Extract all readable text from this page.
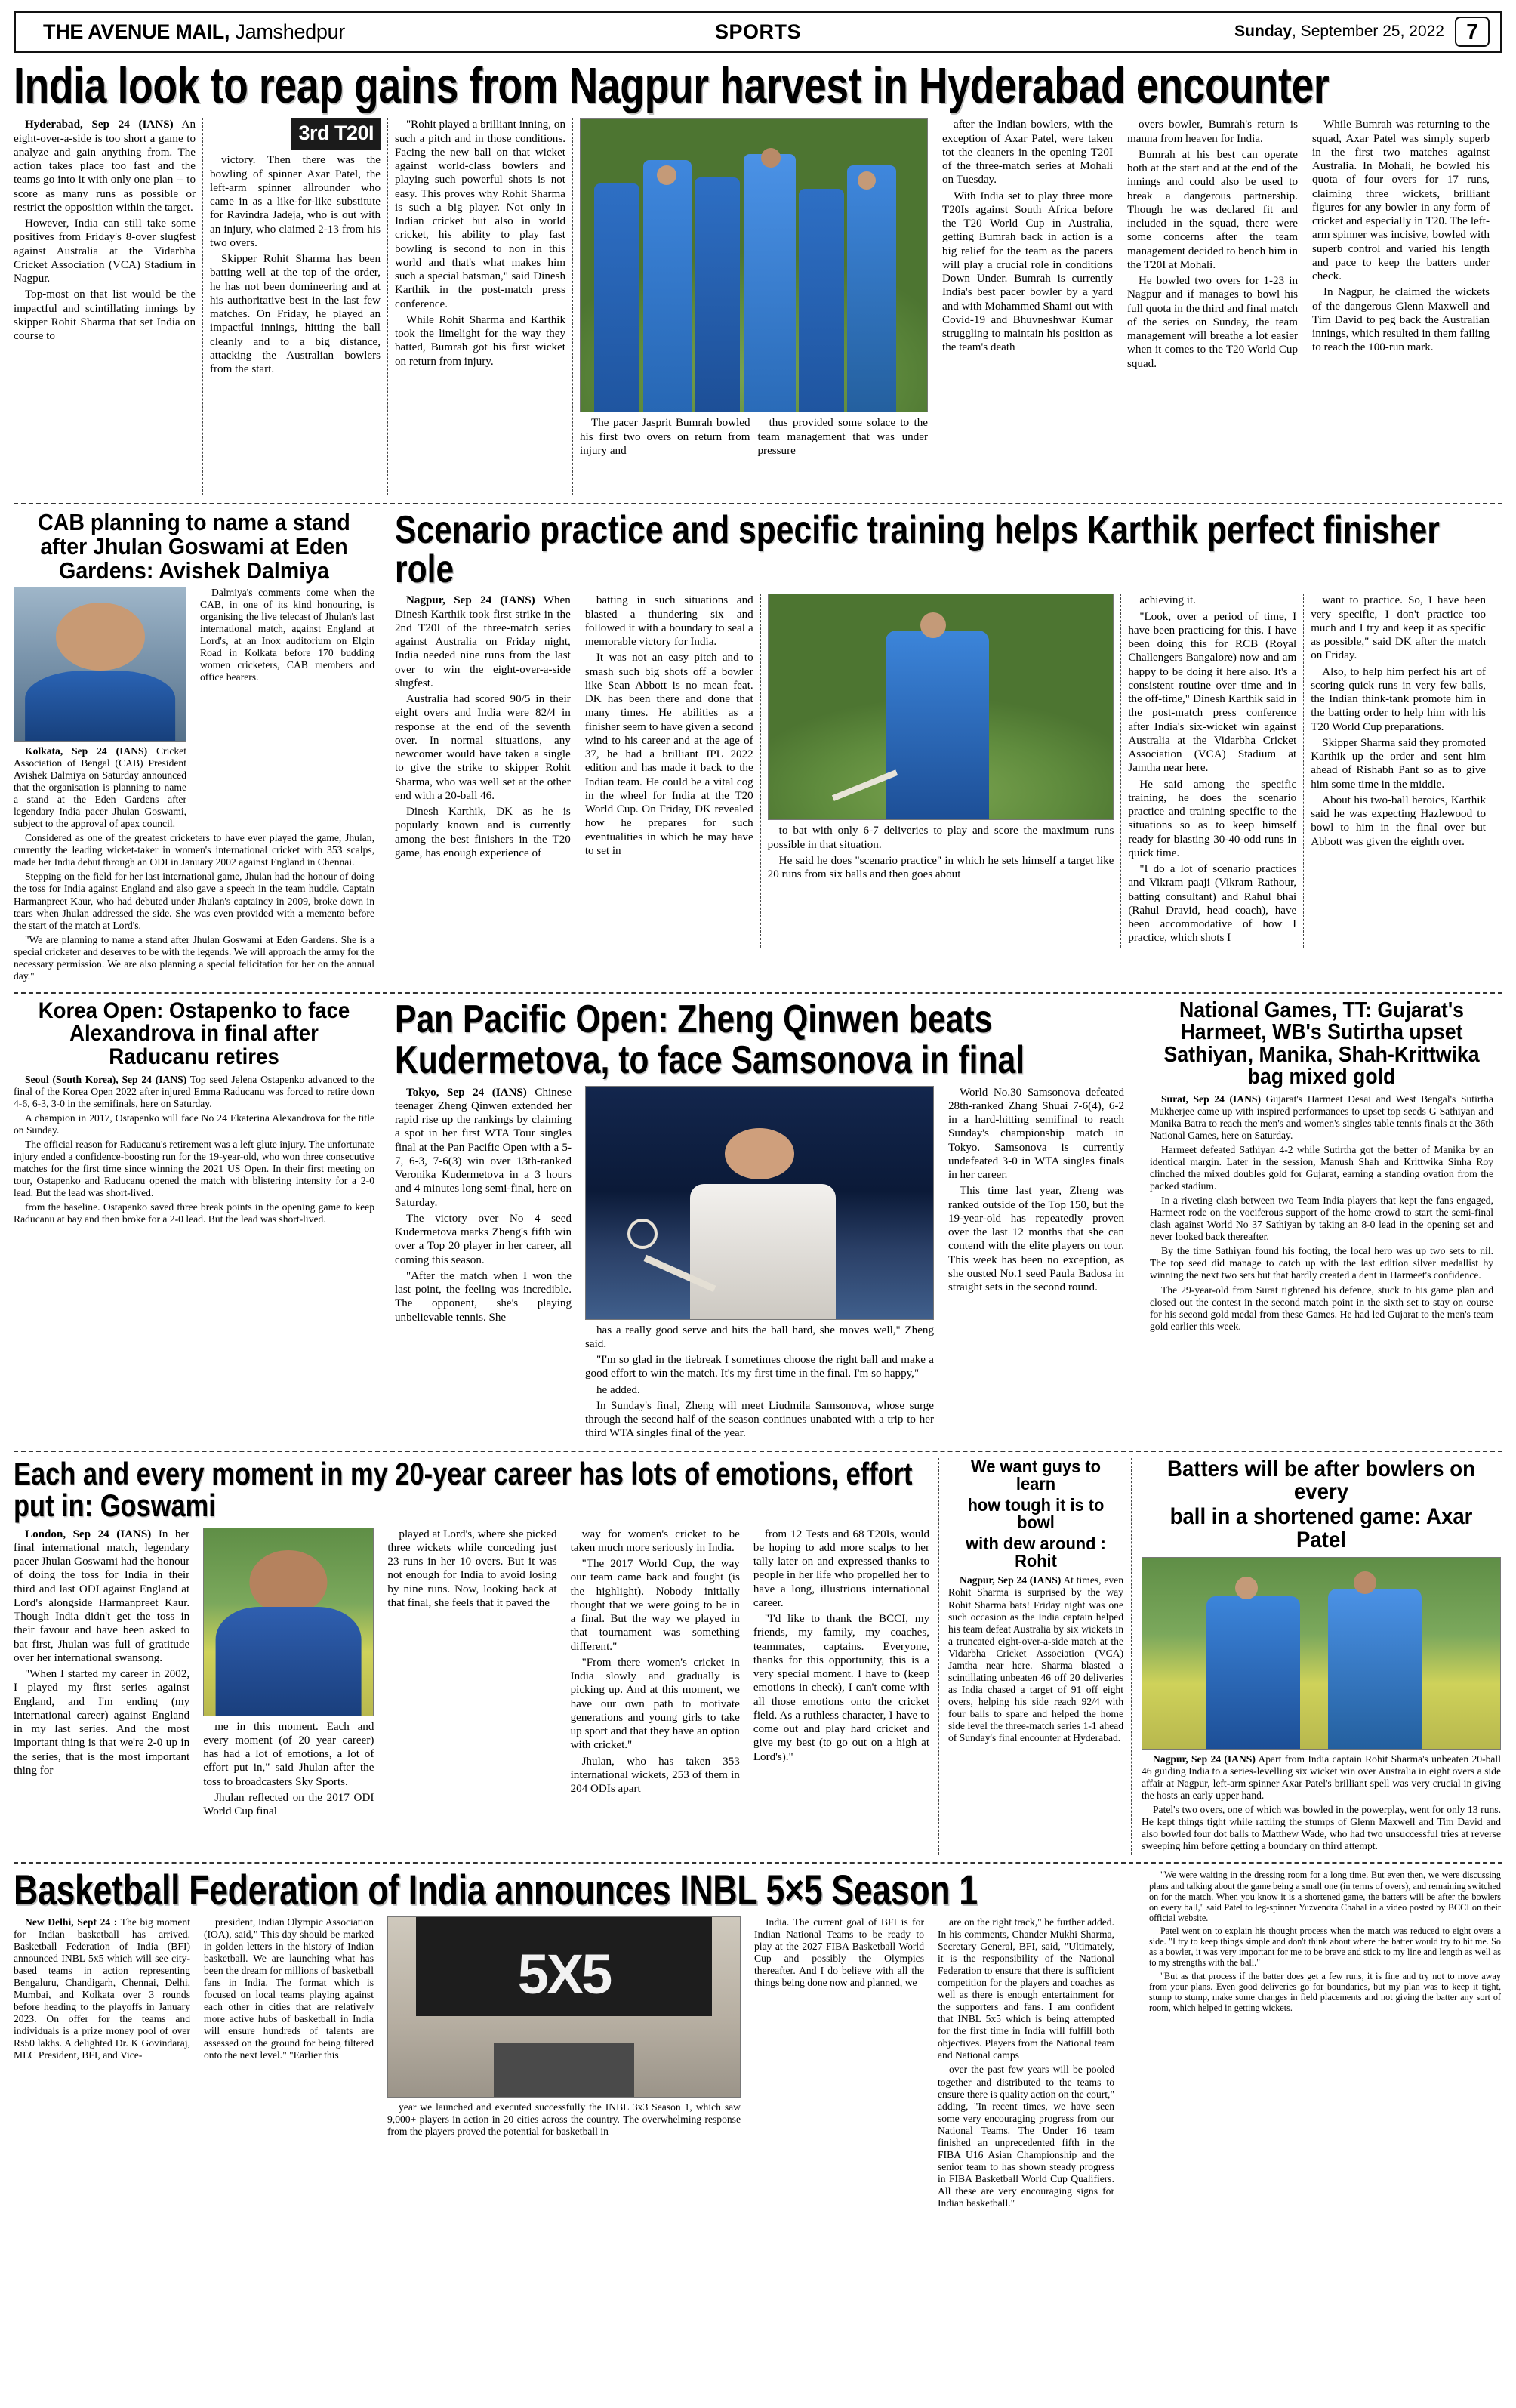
THE AVENUE MAIL, Jamshedpur	SPORTS	Sunday, September 25, 2022	7
India look to reap gains from Nagpur harvest in Hyderabad encounter

Hyderabad, Sep 24 (IANS) An eight-over-a-side is too short a game to analyze and gain anything from. The action takes place too fast and the teams go into it with only one plan -- to score as many runs as possible or restrict the opposition within the target.

However, India can still take some positives from Friday's 8-over slugfest against Australia at the Vidarbha Cricket Association (VCA) Stadium in Nagpur.

Top-most on that list would be the impactful and scintillating innings by skipper Rohit Sharma that set India on course to

3rd T20I

victory. Then there was the bowling of spinner Axar Patel, the left-arm spinner allrounder who came in as a like-for-like substitute for Ravindra Jadeja, who is out with an injury, who claimed 2-13 from his two overs.

Skipper Rohit Sharma has been batting well at the top of the order, he has not been domineering and at his authoritative best in the last few matches. On Friday, he played an impactful innings, hitting the ball cleanly and to a big distance, attacking the Australian bowlers from the start.

"Rohit played a brilliant inning, on such a pitch and in those conditions. Facing the new ball on that wicket against world-class bowlers and playing such powerful shots is not easy. This proves why Rohit Sharma is such a big player. Not only in Indian cricket but also in world cricket, his ability to play fast bowling is second to non in this world and that's what makes him such a special batsman," said Dinesh Karthik in the post-match press conference.

While Rohit Sharma and Karthik took the limelight for the way they batted, Bumrah got his first wicket on return from injury.

The pacer Jasprit Bumrah bowled his first two overs on return from injury and

thus provided some solace to the team management that was under pressure

after the Indian bowlers, with the exception of Axar Patel, were taken tot the cleaners in the opening T20I of the three-match series at Mohali on Tuesday.

With India set to play three more T20Is against South Africa before the T20 World Cup in Australia, getting Bumrah back in action is a big relief for the team as the pacers will play a crucial role in conditions Down Under. Bumrah is currently India's best pacer bowler by a yard and with Mohammed Shami out with Covid-19 and Bhuvneshwar Kumar struggling to maintain his position as the team's death

overs bowler, Bumrah's return is manna from heaven for India.

Bumrah at his best can operate both at the start and at the end of the innings and could also be used to break a dangerous partnership. Though he was declared fit and included in the squad, there were some concerns after the team management decided to bench him in the T20I at Mohali.

He bowled two overs for 1-23 in Nagpur and if manages to bowl his full quota in the third and final match of the series on Sunday, the team management will breathe a lot easier when it comes to the T20 World Cup squad.

While Bumrah was returning to the squad, Axar Patel was simply superb in the first two matches against Australia. In Mohali, he bowled his quota of four overs for 17 runs, claiming three wickets, brilliant figures for any bowler in any form of cricket and especially in T20. The left-arm spinner was incisive, bowled with superb control and varied his length and pace to keep the batters under check.

In Nagpur, he claimed the wickets of the dangerous Glenn Maxwell and Tim David to peg back the Australian innings, which resulted in them failing to reach the 100-run mark.

CAB planning to name a stand after Jhulan Goswami at Eden Gardens: Avishek Dalmiya

Kolkata, Sep 24 (IANS) Cricket Association of Bengal (CAB) President Avishek Dalmiya on Saturday announced that the organisation is planning to name a stand at the Eden Gardens after legendary India pacer Jhulan Goswami, subject to the approval of apex council.

Dalmiya's comments come when the CAB, in one of its kind honouring, is organising the live telecast of Jhulan's last international match, against England at Lord's, at an Inox auditorium on Elgin Road in Kolkata before 170 budding women cricketers, CAB members and office bearers.

Considered as one of the greatest cricketers to have ever played the game, Jhulan, currently the leading wicket-taker in women's international cricket with 353 scalps, made her India debut through an ODI in January 2002 against England in Chennai.

Stepping on the field for her last international game, Jhulan had the honour of doing the toss for India against England and also gave a speech in the team huddle. Captain Harmanpreet Kaur, who had debuted under Jhulan's captaincy in 2009, broke down in tears when Jhulan addressed the side. She was even provided with a memento before the start of the match at Lord's.

"We are planning to name a stand after Jhulan Goswami at Eden Gardens. She is a special cricketer and deserves to be with the legends. We will approach the army for the necessary permission. We are also planning a special felicitation for her on the annual day."

Scenario practice and specific training helps Karthik perfect finisher role

Nagpur, Sep 24 (IANS) When Dinesh Karthik took first strike in the 2nd T20I of the three-match series against Australia on Friday night, India needed nine runs from the last over to win the eight-over-a-side slugfest.

Australia had scored 90/5 in their eight overs and India were 82/4 in response at the end of the seventh over. In normal situations, any newcomer would have taken a single to give the strike to skipper Rohit Sharma, who was well set at the other end with a 20-ball 46.

Dinesh Karthik, DK as he is popularly known and is currently among the best finishers in the T20 game, has enough experience of

batting in such situations and blasted a thundering six and followed it with a boundary to seal a memorable victory for India.

It was not an easy pitch and to smash such big shots off a bowler like Sean Abbott is no mean feat. DK has been there and done that many times. He abilities as a finisher seem to have given a second wind to his career and at the age of 37, he had a brilliant IPL 2022 edition and has made it back to the Indian team. He could be a vital cog in the wheel for India at the T20 World Cup. On Friday, DK revealed how he prepares for such eventualities in which he may have to set in

to bat with only 6-7 deliveries to play and score the maximum runs possible in that situation.

He said he does "scenario practice" in which he sets himself a target like 20 runs from six balls and then goes about

achieving it.

"Look, over a period of time, I have been practicing for this. I have been doing this for RCB (Royal Challengers Bangalore) now and am happy to be doing it here also. It's a consistent routine over time and in the off-time," Dinesh Karthik said in the post-match press conference after India's six-wicket win against Australia at the Vidarbha Cricket Association (VCA) Stadium at Jamtha near here.

He said among the specific training, he does the scenario practice and training specific to the situations so as to keep himself ready for blasting 30-40-odd runs in quick time.

"I do a lot of scenario practices and Vikram paaji (Vikram Rathour, batting consultant) and Rahul bhai (Rahul Dravid, head coach), have been accommodative of how I practice, which shots I

want to practice. So, I have been very specific, I don't practice too much and I try and keep it as specific as possible," said DK after the match on Friday.

Also, to help him perfect his art of scoring quick runs in very few balls, the Indian think-tank promote him in the batting order to help him with his T20 World Cup preparations.

Skipper Sharma said they promoted Karthik up the order and sent him ahead of Rishabh Pant so as to give him some time in the middle.

About his two-ball heroics, Karthik said he was expecting Hazlewood to bowl to him in the final over but Abbott was given the eighth over.

Korea Open: Ostapenko to face Alexandrova in final after Raducanu retires

Seoul (South Korea), Sep 24 (IANS) Top seed Jelena Ostapenko advanced to the final of the Korea Open 2022 after injured Emma Raducanu was forced to retire down 4-6, 6-3, 3-0 in the semifinals, here on Saturday.

A champion in 2017, Ostapenko will face No 24 Ekaterina Alexandrova for the title on Sunday.

The official reason for Raducanu's retirement was a left glute injury. The unfortunate injury ended a confidence-boosting run for the 19-year-old, who won three consecutive matches for the first time since winning the 2021 US Open. In their first meeting on tour, Ostapenko and Raducanu opened the match with blistering intensity for a 2-0 lead. But the lead was short-lived.

from the baseline. Ostapenko saved three break points in the opening game to keep Raducanu at bay and then broke for a 2-0 lead. But the lead was short-lived.

Pan Pacific Open: Zheng Qinwen beats
Kudermetova, to face Samsonova in final

Tokyo, Sep 24 (IANS) Chinese teenager Zheng Qinwen extended her rapid rise up the rankings by claiming a spot in her first WTA Tour singles final at the Pan Pacific Open with a 5-7, 6-3, 7-6(3) win over 13th-ranked Veronika Kudermetova in a 3 hours and 4 minutes long semi-final, here on Saturday.

The victory over No 4 seed Kudermetova marks Zheng's fifth win over a Top 20 player in her career, all coming this season.

"After the match when I won the last point, the feeling was incredible. The opponent, she's playing unbelievable tennis. She

has a really good serve and hits the ball hard, she moves well," Zheng said.

"I'm so glad in the tiebreak I sometimes choose the right ball and make a good effort to win the match. It's my first time in the final. I'm so happy,"

he added.

In Sunday's final, Zheng will meet Liudmila Samsonova, whose surge through the second half of the season continues unabated with a trip to her third WTA singles final of the year.

World No.30 Samsonova defeated 28th-ranked Zhang Shuai 7-6(4), 6-2 in a hard-hitting semifinal to reach Sunday's championship match in Tokyo. Samsonova is currently undefeated 3-0 in WTA singles finals in her career.

This time last year, Zheng was ranked outside of the Top 150, but the 19-year-old has repeatedly proven over the last 12 months that she can contend with the elite players on tour. This week has been no exception, as she ousted No.1 seed Paula Badosa in straight sets in the second round.

National Games, TT: Gujarat's Harmeet, WB's Sutirtha upset Sathiyan, Manika, Shah-Krittwika bag mixed gold

Surat, Sep 24 (IANS) Gujarat's Harmeet Desai and West Bengal's Sutirtha Mukherjee came up with inspired performances to upset top seeds G Sathiyan and Manika Batra to reach the men's and women's singles table tennis finals at the 36th National Games, here on Saturday.

Harmeet defeated Sathiyan 4-2 while Sutirtha got the better of Manika by an identical margin. Later in the session, Manush Shah and Krittwika Sinha Roy clinched the mixed doubles gold for Gujarat, earning a standing ovation from the packed stadium.

In a riveting clash between two Team India players that kept the fans engaged, Harmeet rode on the vociferous support of the home crowd to start the semi-final clash against World No 37 Sathiyan by taking an 8-0 lead in the opening set and never looked back thereafter.

By the time Sathiyan found his footing, the local hero was up two sets to nil. The top seed did manage to catch up with the last edition silver medallist by winning the next two sets but that hardly created a dent in Harmeet's confidence.

The 29-year-old from Surat tightened his defence, stuck to his game plan and closed out the contest in the second match point in the sixth set to stay on course for his second gold medal from these Games. He had led Gujarat to the men's team gold earlier this week.

Each and every moment in my 20-year career has lots of emotions, effort put in: Goswami

London, Sep 24 (IANS) In her final international match, legendary pacer Jhulan Goswami had the honour of doing the toss for India in their third and last ODI against England at Lord's alongside Harmanpreet Kaur. Though India didn't get the toss in their favour and have been asked to bat first, Jhulan was full of gratitude over her international swansong.

"When I started my career in 2002, I played my first series against England, and I'm ending (my international career) against England in my last series. And the most important thing is that we're 2-0 up in the series, that is the most important thing for

me in this moment. Each and every moment (of 20 year career) has had a lot of emotions, a lot of effort put in," said Jhulan after the toss to broadcasters Sky Sports.

Jhulan reflected on the 2017 ODI World Cup final

played at Lord's, where she picked three wickets while conceding just 23 runs in her 10 overs. But it was not enough for India to avoid losing by nine runs. Now, looking back at that final, she feels that it paved the

way for women's cricket to be taken much more seriously in India.

"The 2017 World Cup, the way our team came back and fought (is the highlight). Nobody initially thought that we were going to be in a final. But the way we played in that tournament was something different."

"From there women's cricket in India slowly and gradually is picking up. And at this moment, we have our own path to motivate generations and young girls to take up sport and that they have an option with cricket."

Jhulan, who has taken 353 international wickets, 253 of them in 204 ODIs apart

from 12 Tests and 68 T20Is, would be hoping to add more scalps to her tally later on and expressed thanks to people in her life who propelled her to have a long, illustrious international career.

"I'd like to thank the BCCI, my friends, my family, my coaches, teammates, captains. Everyone, thanks for this opportunity, this is a very special moment. I have to (keep emotions in check), I can't come with all those emotions onto the cricket field. As a ruthless character, I have to come out and play hard cricket and give my best (to go out on a high at Lord's)."

We want guys to learn
how tough it is to bowl
with dew around : Rohit

Nagpur, Sep 24 (IANS) At times, even Rohit Sharma is surprised by the way Rohit Sharma bats! Friday night was one such occasion as the India captain helped his team defeat Australia by six wickets in a truncated eight-over-a-side match at the Vidarbha Cricket Association (VCA) Jamtha near here. Sharma blasted a scintillating unbeaten 46 off 20 deliveries as India chased a target of 91 off eight overs, helping his side reach 92/4 with four balls to spare and helped the home side level the three-match series 1-1 ahead of Sunday's final encounter at Hyderabad.

Batters will be after bowlers on every
ball in a shortened game: Axar Patel

Nagpur, Sep 24 (IANS) Apart from India captain Rohit Sharma's unbeaten 20-ball 46 guiding India to a series-levelling six wicket win over Australia in eight overs a side affair at Nagpur, left-arm spinner Axar Patel's brilliant spell was very crucial in giving the hosts an early upper hand.

Patel's two overs, one of which was bowled in the powerplay, went for only 13 runs. He kept things tight while rattling the stumps of Glenn Maxwell and Tim David and also bowled four dot balls to Matthew Wade, who had two unsuccessful tries at reverse sweeping him before getting a boundary on third attempt.

Basketball Federation of India announces INBL 5×5 Season 1

New Delhi, Sept 24 : The big moment for Indian basketball has arrived. Basketball Federation of India (BFI) announced INBL 5x5 which will see city-based teams in action representing Bengaluru, Chandigarh, Chennai, Delhi, Mumbai, and Kolkata over 3 rounds before heading to the playoffs in January 2023. On offer for the teams and individuals is a prize money pool of over Rs50 lakhs. A delighted Dr. K Govindaraj, MLC President, BFI, and Vice-

president, Indian Olympic Association (IOA), said," This day should be marked in golden letters in the history of Indian basketball. We are launching what has been the dream for millions of basketball fans in India. The format which is focused on local teams playing against each other in cities that are relatively more active hubs of basketball in India will ensure hundreds of talents are assessed on the ground for being filtered onto the next level." "Earlier this

5X5

year we launched and executed successfully the INBL 3x3 Season 1, which saw 9,000+ players in action in 20 cities across the country. The overwhelming response from the players proved the potential for basketball in

India. The current goal of BFI is for Indian National Teams to be ready to play at the 2027 FIBA Basketball World Cup and possibly the Olympics thereafter. And I do believe with all the things being done now and planned, we

are on the right track," he further added. In his comments, Chander Mukhi Sharma, Secretary General, BFI, said, "Ultimately, it is the responsibility of the National Federation to ensure that there is sufficient competition for the players and coaches as well as there is enough entertainment for the supporters and fans. I am confident that INBL 5x5 which is being attempted for the first time in India will fulfill both objectives. Players from the National team and National camps

over the past few years will be pooled together and distributed to the teams to ensure there is quality action on the court," adding, "In recent times, we have seen some very encouraging progress from our National Teams. The Under 16 team finished an unprecedented fifth in the FIBA U16 Asian Championship and the senior team to has shown steady progress in FIBA Basketball World Cup Qualifiers. All these are very encouraging signs for Indian basketball."

"We were waiting in the dressing room for a long time. But even then, we were discussing plans and talking about the game being a small one (in terms of overs), and remaining switched on for the match. When you know it is a shortened game, the batters will be after the bowlers on every ball," said Patel to leg-spinner Yuzvendra Chahal in a video posted by BCCI on their official website.

Patel went on to explain his thought process when the match was reduced to eight overs a side. "I try to keep things simple and don't think about where the batter would try to hit me. So as a bowler, it was very important for me to be brave and stick to my line and length as well as to my strengths with the ball."

"But as that process if the batter does get a few runs, it is fine and try not to move away from your plans. Even good deliveries go for boundaries, but my plan was to keep it tight, stump to stump, make some changes in field placements and not giving the batter any sort of room, which helped in getting wickets.
